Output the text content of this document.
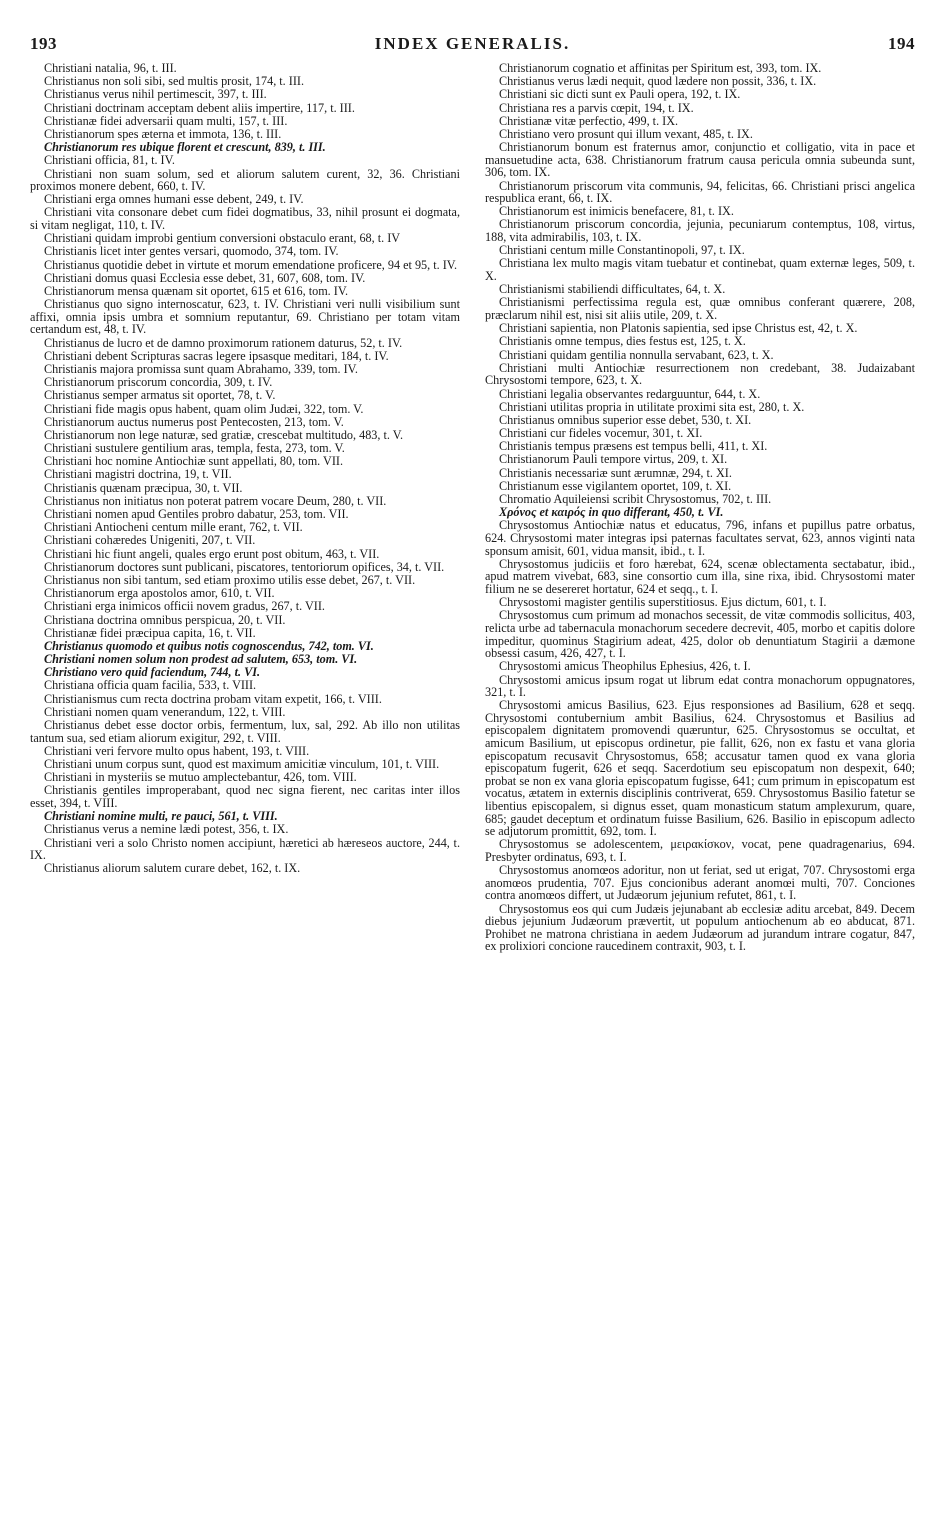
193	INDEX GENERALIS.	194

Christiani natalia, 96, t. III.

Christianus non soli sibi, sed multis prosit, 174, t. III.

Christianus verus nihil pertimescit, 397, t. III.

Christiani doctrinam acceptam debent aliis impertire, 117, t. III.

Christianæ fidei adversarii quam multi, 157, t. III.

Christianorum spes æterna et immota, 136, t. III.

Christianorum res ubique florent et crescunt, 839, t. III.

Christiani officia, 81, t. IV.

Christiani non suam solum, sed et aliorum salutem curent, 32, 36. Christiani proximos monere debent, 660, t. IV.

Christiani erga omnes humani esse debent, 249, t. IV.

Christiani vita consonare debet cum fidei dogmatibus, 33, nihil prosunt ei dogmata, si vitam negligat, 110, t. IV.

Christiani quidam improbi gentium conversioni obstaculo erant, 68, t. IV

Christianis licet inter gentes versari, quomodo, 374, tom. IV.

Christianus quotidie debet in virtute et morum emendatione proficere, 94 et 95, t. IV.

Christiani domus quasi Ecclesia esse debet, 31, 607, 608, tom. IV.

Christianorum mensa quænam sit oportet, 615 et 616, tom. IV.

Christianus quo signo internoscatur, 623, t. IV. Christiani veri nulli visibilium sunt affixi, omnia ipsis umbra et somnium reputantur, 69. Christiano per totam vitam certandum est, 48, t. IV.

Christianus de lucro et de damno proximorum rationem daturus, 52, t. IV.

Christiani debent Scripturas sacras legere ipsasque meditari, 184, t. IV.

Christianis majora promissa sunt quam Abrahamo, 339, tom. IV.

Christianorum priscorum concordia, 309, t. IV.

Christianus semper armatus sit oportet, 78, t. V.

Christiani fide magis opus habent, quam olim Judæi, 322, tom. V.

Christianorum auctus numerus post Pentecosten, 213, tom. V.

Christianorum non lege naturæ, sed gratiæ, crescebat multitudo, 483, t. V.

Christiani sustulere gentilium aras, templa, festa, 273, tom. V.

Christiani hoc nomine Antiochiæ sunt appellati, 80, tom. VII.

Christiani magistri doctrina, 19, t. VII.

Christianis quænam præcipua, 30, t. VII.

Christianus non initiatus non poterat patrem vocare Deum, 280, t. VII.

Christiani nomen apud Gentiles probro dabatur, 253, tom. VII.

Christiani Antiocheni centum mille erant, 762, t. VII.

Christiani cohæredes Unigeniti, 207, t. VII.

Christiani hic fiunt angeli, quales ergo erunt post obitum, 463, t. VII.

Christianorum doctores sunt publicani, piscatores, tentoriorum opifices, 34, t. VII.

Christianus non sibi tantum, sed etiam proximo utilis esse debet, 267, t. VII.

Christianorum erga apostolos amor, 610, t. VII.

Christiani erga inimicos officii novem gradus, 267, t. VII.

Christiana doctrina omnibus perspicua, 20, t. VII.

Christianæ fidei præcipua capita, 16, t. VII.

Christianus quomodo et quibus notis cognoscendus, 742, tom. VI.

Christiani nomen solum non prodest ad salutem, 653, tom. VI.

Christiano vero quid faciendum, 744, t. VI.

Christiana officia quam facilia, 533, t. VIII.

Christianismus cum recta doctrina probam vitam expetit, 166, t. VIII.

Christiani nomen quam venerandum, 122, t. VIII.

Christianus debet esse doctor orbis, fermentum, lux, sal, 292. Ab illo non utilitas tantum sua, sed etiam aliorum exigitur, 292, t. VIII.

Christiani veri fervore multo opus habent, 193, t. VIII.

Christiani unum corpus sunt, quod est maximum amicitiæ vinculum, 101, t. VIII.

Christiani in mysteriis se mutuo amplectebantur, 426, tom. VIII.

Christianis gentiles improperabant, quod nec signa fierent, nec caritas inter illos esset, 394, t. VIII.

Christiani nomine multi, re pauci, 561, t. VIII.

Christianus verus a nemine lædi potest, 356, t. IX.

Christiani veri a solo Christo nomen accipiunt, hæretici ab hæreseos auctore, 244, t. IX.

Christianus aliorum salutem curare debet, 162, t. IX.

Christianorum cognatio et affinitas per Spiritum est, 393, tom. IX.

Christianus verus lædi nequit, quod lædere non possit, 336, t. IX.

Christiani sic dicti sunt ex Pauli opera, 192, t. IX.

Christiana res a parvis cœpit, 194, t. IX.

Christianæ vitæ perfectio, 499, t. IX.

Christiano vero prosunt qui illum vexant, 485, t. IX.

Christianorum bonum est fraternus amor, conjunctio et colligatio, vita in pace et mansuetudine acta, 638. Christianorum fratrum causa pericula omnia subeunda sunt, 306, tom. IX.

Christianorum priscorum vita communis, 94, felicitas, 66. Christiani prisci angelica respublica erant, 66, t. IX.

Christianorum est inimicis benefacere, 81, t. IX.

Christianorum priscorum concordia, jejunia, pecuniarum contemptus, 108, virtus, 188, vita admirabilis, 103, t. IX.

Christiani centum mille Constantinopoli, 97, t. IX.

Christiana lex multo magis vitam tuebatur et continebat, quam externæ leges, 509, t. X.

Christianismi stabiliendi difficultates, 64, t. X.

Christianismi perfectissima regula est, quæ omnibus conferant quærere, 208, præclarum nihil est, nisi sit aliis utile, 209, t. X.

Christiani sapientia, non Platonis sapientia, sed ipse Christus est, 42, t. X.

Christianis omne tempus, dies festus est, 125, t. X.

Christiani quidam gentilia nonnulla servabant, 623, t. X.

Christiani multi Antiochiæ resurrectionem non credebant, 38. Judaizabant Chrysostomi tempore, 623, t. X.

Christiani legalia observantes redarguuntur, 644, t. X.

Christiani utilitas propria in utilitate proximi sita est, 280, t. X.

Christianus omnibus superior esse debet, 530, t. XI.

Christiani cur fideles vocemur, 301, t. XI.

Christianis tempus præsens est tempus belli, 411, t. XI.

Christianorum Pauli tempore virtus, 209, t. XI.

Christianis necessariæ sunt ærumnæ, 294, t. XI.

Christianum esse vigilantem oportet, 109, t. XI.

Chromatio Aquileiensi scribit Chrysostomus, 702, t. III.

Χρόνος et καιρός in quo differant, 450, t. VI.

Chrysostomus Antiochiæ natus et educatus, 796, infans et pupillus patre orbatus, 624. Chrysostomi mater integras ipsi paternas facultates servat, 623, annos viginti nata sponsum amisit, 601, vidua mansit, ibid., t. I.

Chrysostomus judiciis et foro hærebat, 624, scenæ oblectamenta sectabatur, ibid., apud matrem vivebat, 683, sine consortio cum illa, sine rixa, ibid. Chrysostomi mater filium ne se desereret hortatur, 624 et seqq., t. I.

Chrysostomi magister gentilis superstitiosus. Ejus dictum, 601, t. I.

Chrysostomus cum primum ad monachos secessit, de vitæ commodis sollicitus, 403, relicta urbe ad tabernacula monachorum secedere decrevit, 405, morbo et capitis dolore impeditur, quominus Stagirium adeat, 425, dolor ob denuntiatum Stagirii a dæmone obsessi casum, 426, 427, t. I.

Chrysostomi amicus Theophilus Ephesius, 426, t. I.

Chrysostomi amicus ipsum rogat ut librum edat contra monachorum oppugnatores, 321, t. I.

Chrysostomi amicus Basilius, 623. Ejus responsiones ad Basilium, 628 et seqq. Chrysostomi contubernium ambit Basilius, 624. Chrysostomus et Basilius ad episcopalem dignitatem promovendi quæruntur, 625. Chrysostomus se occultat, et amicum Basilium, ut episcopus ordinetur, pie fallit, 626, non ex fastu et vana gloria episcopatum recusavit Chrysostomus, 658; accusatur tamen quod ex vana gloria episcopatum fugerit, 626 et seqq. Sacerdotium seu episcopatum non despexit, 640; probat se non ex vana gloria episcopatum fugisse, 641; cum primum in episcopatum est vocatus, ætatem in externis disciplinis contriverat, 659. Chrysostomus Basilio fatetur se libentius episcopalem, si dignus esset, quam monasticum statum amplexurum, quare, 685; gaudet deceptum et ordinatum fuisse Basilium, 626. Basilio in episcopum adlecto se adjutorum promittit, 692, tom. I.

Chrysostomus se adolescentem, μειρακίσκον, vocat, pene quadragenarius, 694. Presbyter ordinatus, 693, t. I.

Chrysostomus anomœos adoritur, non ut feriat, sed ut erigat, 707. Chrysostomi erga anomœos prudentia, 707. Ejus concionibus aderant anomœi multi, 707. Conciones contra anomœos differt, ut Judæorum jejunium refutet, 861, t. I.

Chrysostomus eos qui cum Judæis jejunabant ab ecclesiæ aditu arcebat, 849. Decem diebus jejunium Judæorum prævertit, ut populum antiochenum ab eo abducat, 871. Prohibet ne matrona christiana in aedem Judæorum ad jurandum intrare cogatur, 847, ex prolixiori concione raucedinem contraxit, 903, t. I.
